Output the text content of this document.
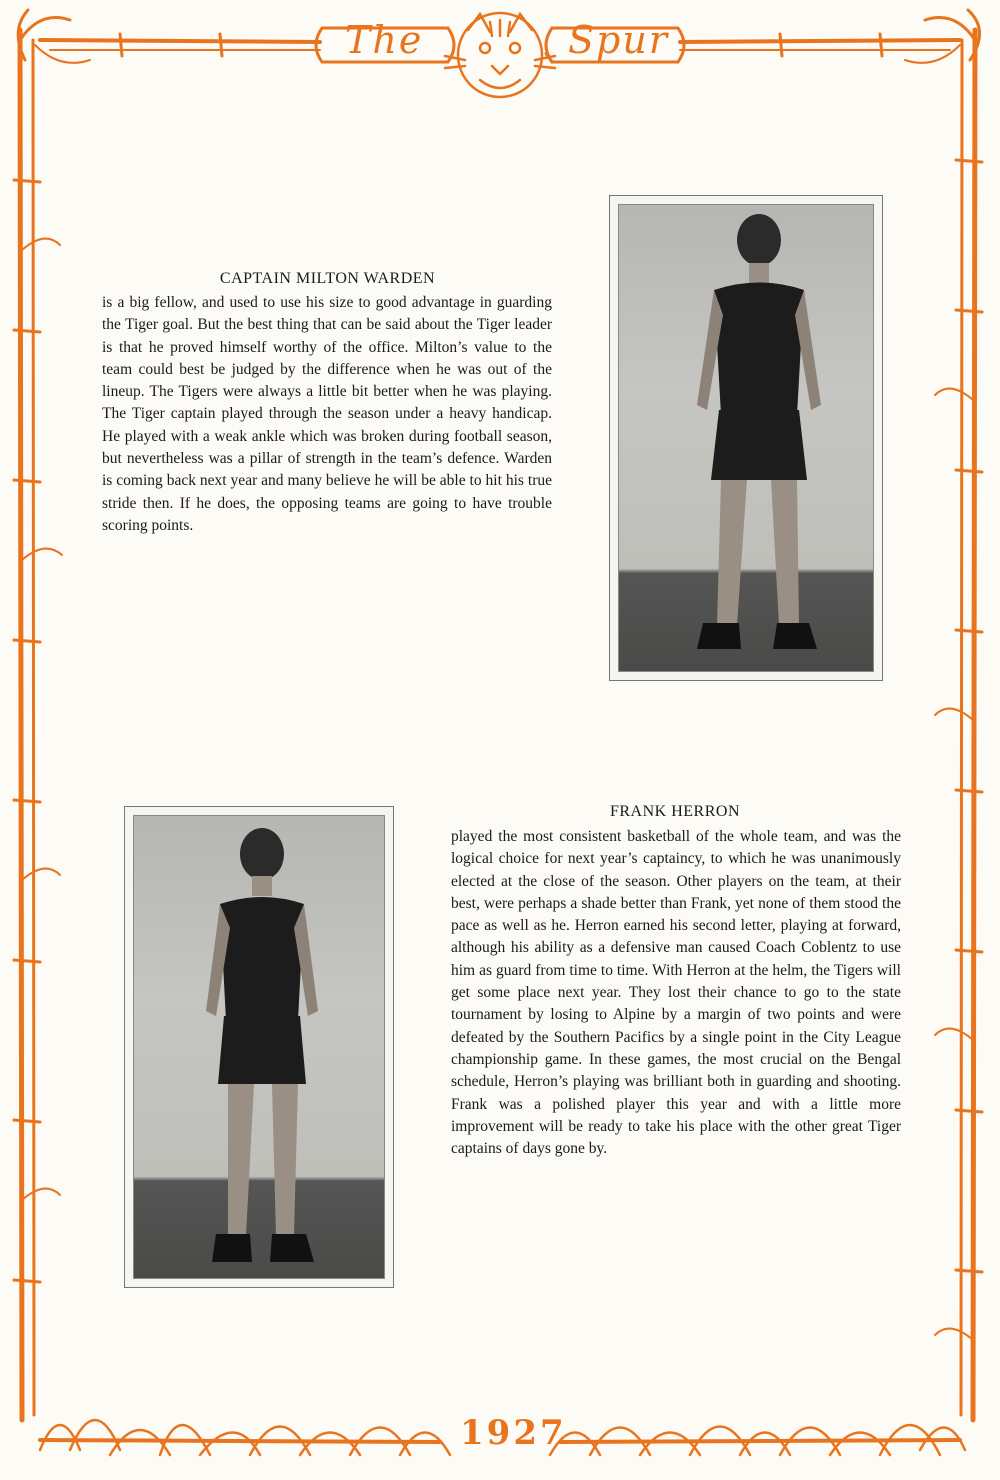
The	Spur
1927
CAPTAIN MILTON WARDEN

is a big fellow, and used to use his size to good advantage in guarding the Tiger goal. But the best thing that can be said about the Tiger leader is that he proved himself worthy of the office. Milton’s value to the team could best be judged by the difference when he was out of the lineup. The Tigers were always a little bit better when he was playing. The Tiger captain played through the season under a heavy handicap. He played with a weak ankle which was broken during football season, but nevertheless was a pillar of strength in the team’s defence. Warden is coming back next year and many believe he will be able to hit his true stride then. If he does, the opposing teams are going to have trouble scoring points.

FRANK HERRON

played the most consistent basketball of the whole team, and was the logical choice for next year’s captaincy, to which he was unanimously elected at the close of the season. Other players on the team, at their best, were perhaps a shade better than Frank, yet none of them stood the pace as well as he. Herron earned his second letter, playing at forward, although his ability as a defensive man caused Coach Coblentz to use him as guard from time to time. With Herron at the helm, the Tigers will get some place next year. They lost their chance to go to the state tournament by losing to Alpine by a margin of two points and were defeated by the Southern Pacifics by a single point in the City League championship game. In these games, the most crucial on the Bengal schedule, Herron’s playing was brilliant both in guarding and shooting. Frank was a polished player this year and with a little more improvement will be ready to take his place with the other great Tiger captains of days gone by.
